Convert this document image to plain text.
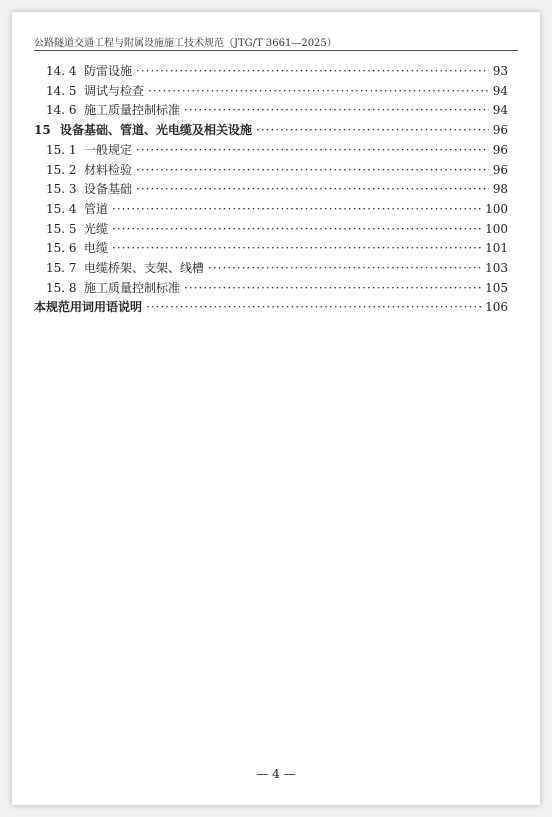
公路隧道交通工程与附属设施施工技术规范（JTG/T 3661—2025）
14. 4 防雷设施 ·····	93
14. 5 调试与检查 ·····	94
14. 6 施工质量控制标准 ·····	94
15 设备基础、管道、光电缆及相关设施 ·····	96
15. 1 一般规定 ·····	96
15. 2 材料检验 ·····	96
15. 3 设备基础 ·····	98
15. 4 管道 ·····	100
15. 5 光缆 ·····	100
15. 6 电缆 ·····	101
15. 7 电缆桥架、支架、线槽 ·····	103
15. 8 施工质量控制标准 ·····	105
本规范用词用语说明 ·····	106
— 4 —
